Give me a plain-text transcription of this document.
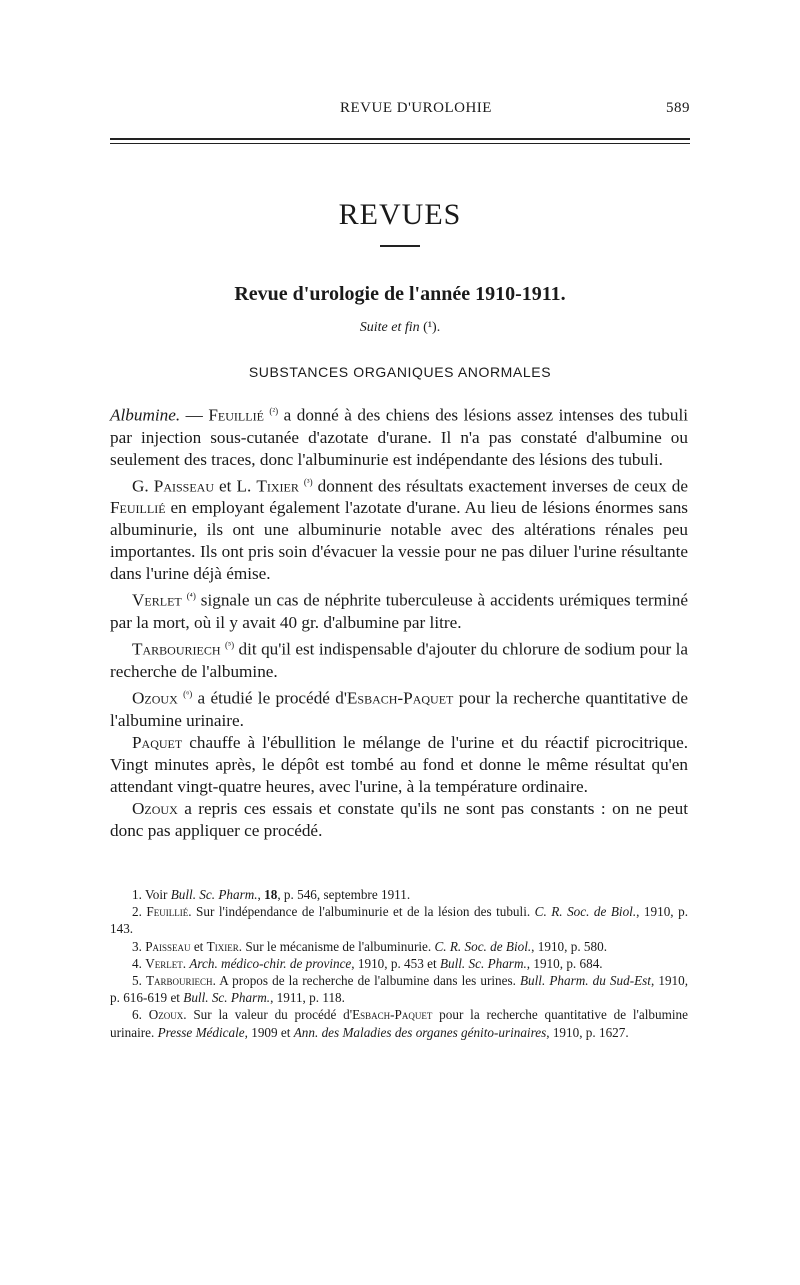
REVUE D'UROLOHIE	589
REVUES
Revue d'urologie de l'année 1910-1911.
Suite et fin (¹).
SUBSTANCES ORGANIQUES ANORMALES

Albumine. — Feuillié $^{(^2)}$ a donné à des chiens des lésions assez intenses des tubuli par injection sous-cutanée d'azotate d'urane. Il n'a pas constaté d'albumine ou seulement des traces, donc l'albuminurie est indépendante des lésions des tubuli.

G. Paisseau et L. Tixier $^{(^3)}$ donnent des résultats exactement inverses de ceux de Feuillié en employant également l'azotate d'urane. Au lieu de lésions énormes sans albuminurie, ils ont une albuminurie notable avec des altérations rénales peu importantes. Ils ont pris soin d'évacuer la vessie pour ne pas diluer l'urine résultante dans l'urine déjà émise.

Verlet $^{(^4)}$ signale un cas de néphrite tuberculeuse à accidents urémiques terminé par la mort, où il y avait 40 gr. d'albumine par litre.

Tarbouriech $^{(^5)}$ dit qu'il est indispensable d'ajouter du chlorure de sodium pour la recherche de l'albumine.

Ozoux $^{(^6)}$ a étudié le procédé d'Esbach-Paquet pour la recherche quantitative de l'albumine urinaire.

Paquet chauffe à l'ébullition le mélange de l'urine et du réactif picrocitrique. Vingt minutes après, le dépôt est tombé au fond et donne le même résultat qu'en attendant vingt-quatre heures, avec l'urine, à la température ordinaire.

Ozoux a repris ces essais et constate qu'ils ne sont pas constants : on ne peut donc pas appliquer ce procédé.

1. Voir Bull. Sc. Pharm., 18, p. 546, septembre 1911.

2. Feuillié. Sur l'indépendance de l'albuminurie et de la lésion des tubuli. C. R. Soc. de Biol., 1910, p. 143.

3. Paisseau et Tixier. Sur le mécanisme de l'albuminurie. C. R. Soc. de Biol., 1910, p. 580.

4. Verlet. Arch. médico-chir. de province, 1910, p. 453 et Bull. Sc. Pharm., 1910, p. 684.

5. Tarbouriech. A propos de la recherche de l'albumine dans les urines. Bull. Pharm. du Sud-Est, 1910, p. 616-619 et Bull. Sc. Pharm., 1911, p. 118.

6. Ozoux. Sur la valeur du procédé d'Esbach-Paquet pour la recherche quantitative de l'albumine urinaire. Presse Médicale, 1909 et Ann. des Maladies des organes génito-urinaires, 1910, p. 1627.
